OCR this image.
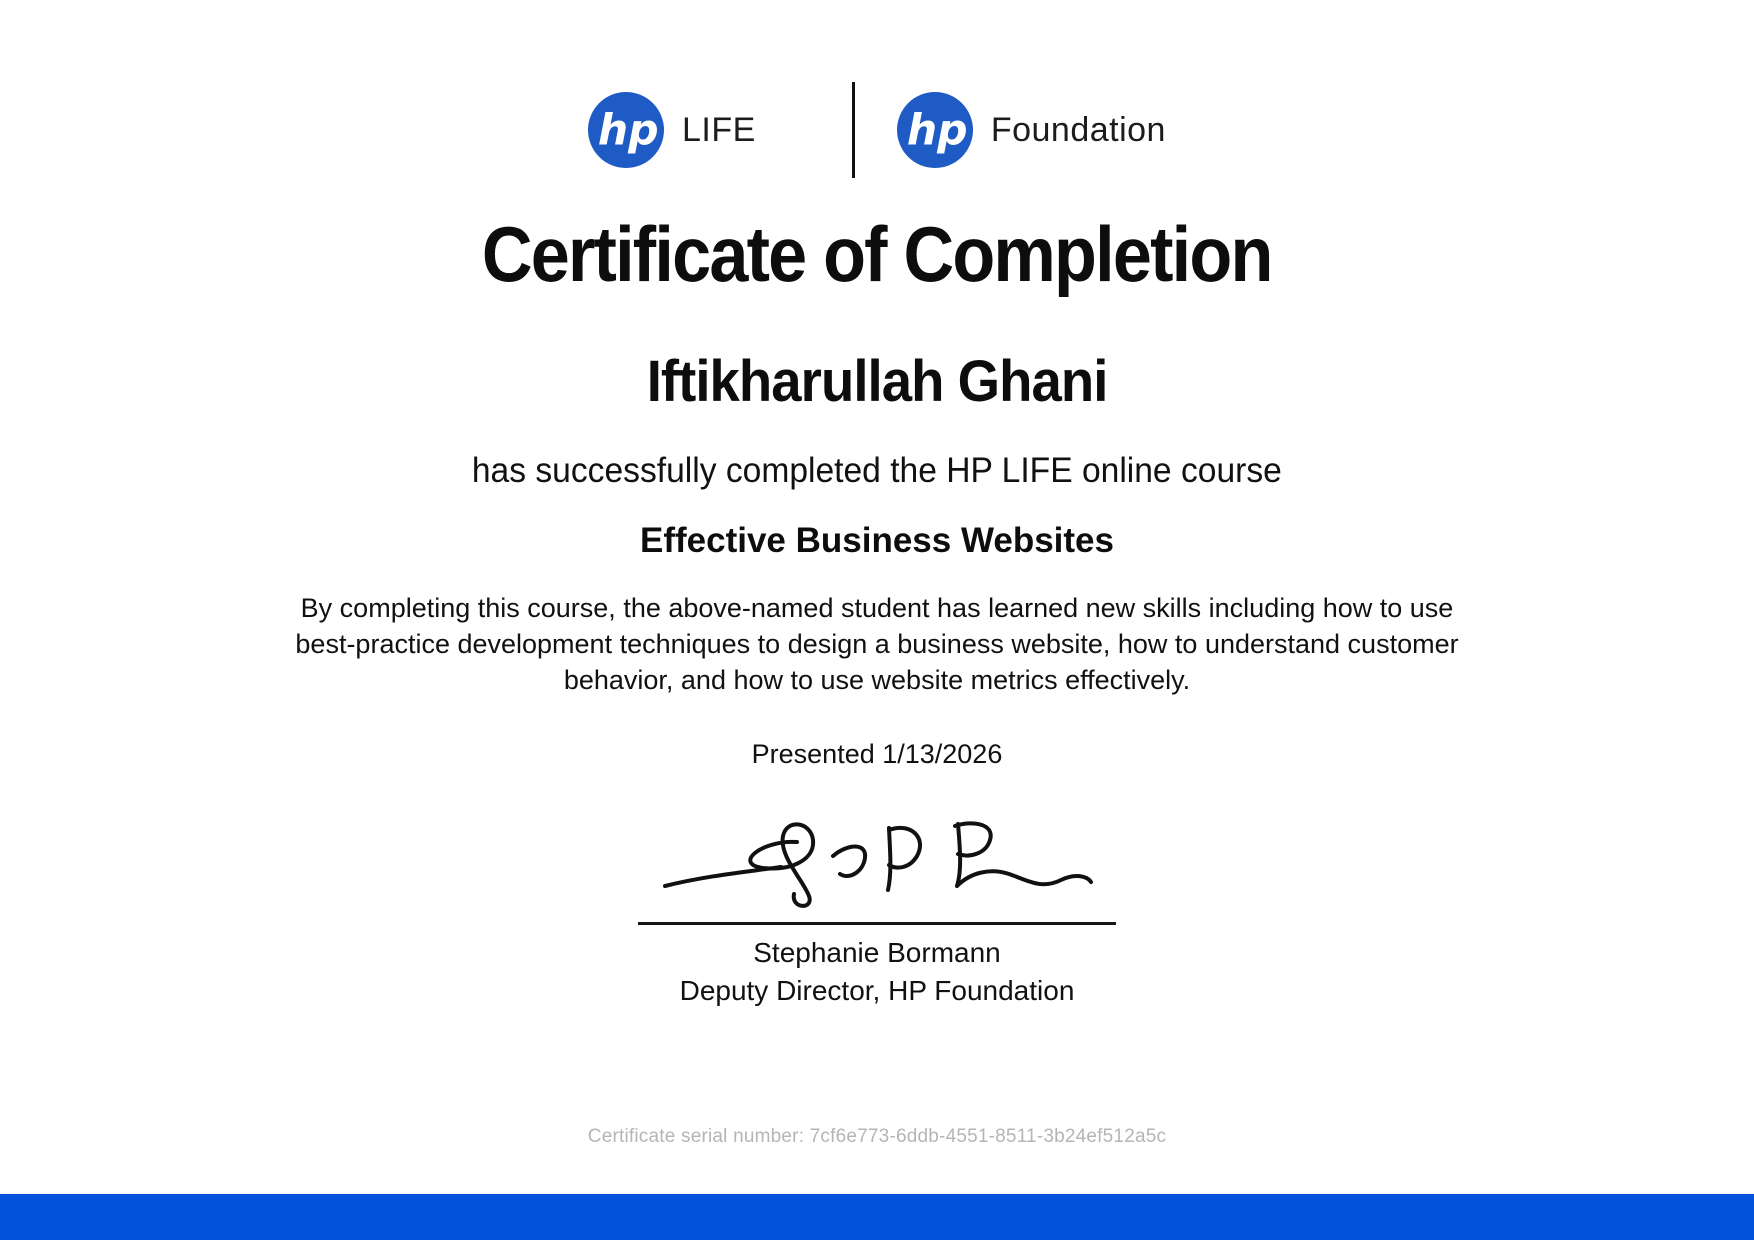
hp LIFE	hp Foundation
Certificate of Completion
Iftikharullah Ghani
has successfully completed the HP LIFE online course
Effective Business Websites

By completing this course, the above-named student has learned new skills including how to use best-practice development techniques to design a business website, how to understand customer behavior, and how to use website metrics effectively.

Presented 1/13/2026
Stephanie Bormann
Deputy Director, HP Foundation
Certificate serial number: 7cf6e773-6ddb-4551-8511-3b24ef512a5c
